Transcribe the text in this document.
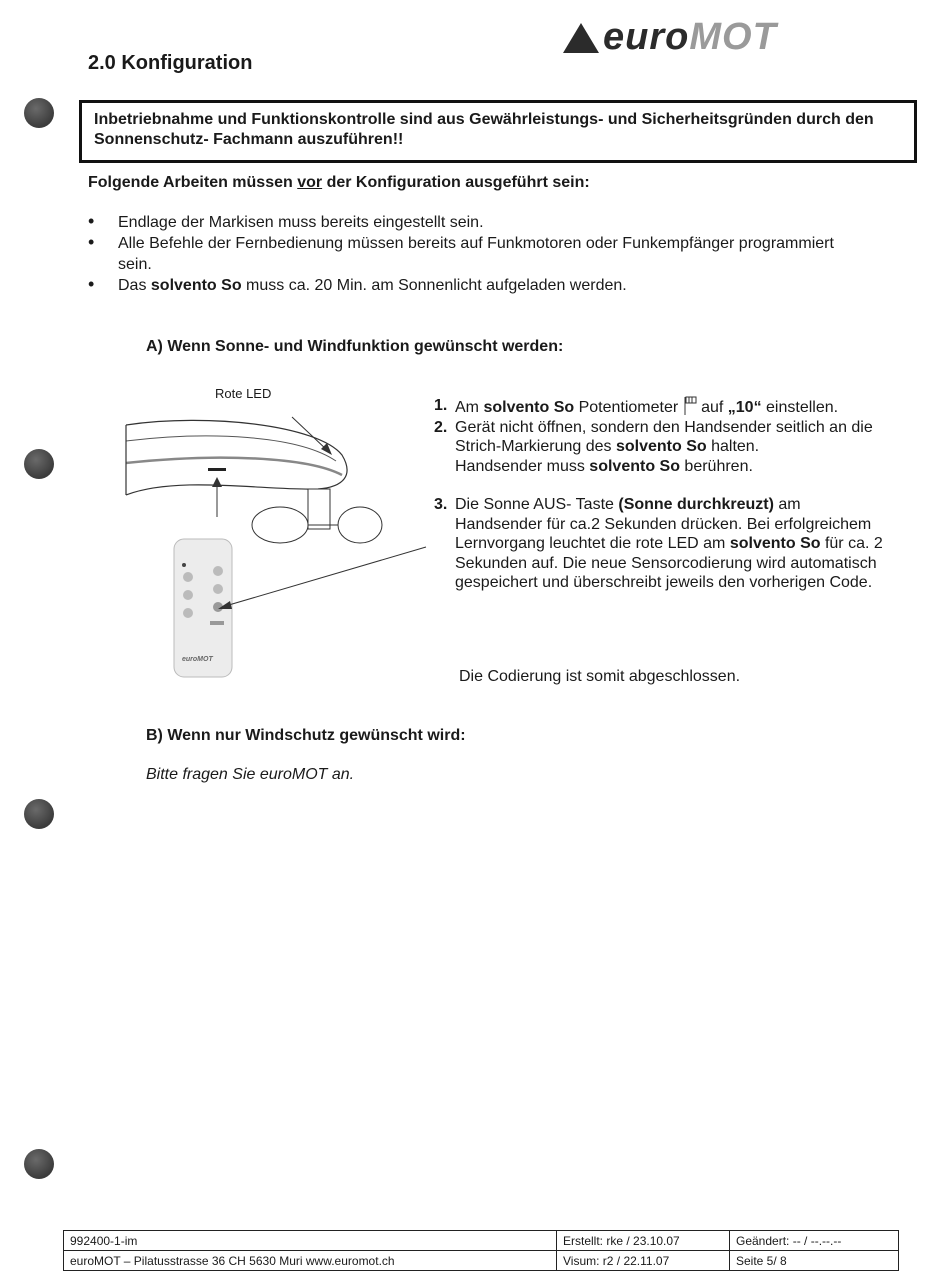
euroMOT
2.0 Konfiguration
Inbetriebnahme und Funktionskontrolle sind aus Gewährleistungs- und Sicherheitsgründen durch den Sonnenschutz- Fachmann auszuführen!!
Folgende Arbeiten müssen vor der Konfiguration ausgeführt sein:
• Endlage der Markisen muss bereits eingestellt sein.
• Alle Befehle der Fernbedienung müssen bereits auf Funkmotoren oder Funkempfänger programmiert sein.
• Das solvento So muss ca. 20 Min. am Sonnenlicht aufgeladen werden.
A) Wenn Sonne- und Windfunktion gewünscht werden:
Rote LED
euroMOT
1. Am solvento So Potentiometer  auf „10“ einstellen.
2. Gerät nicht öffnen, sondern den Handsender seitlich an die Strich-Markierung des solvento So halten.
Handsender muss solvento So berühren.
3. Die Sonne AUS- Taste (Sonne durchkreuzt) am Handsender für ca.2 Sekunden drücken. Bei erfolgreichem Lernvorgang leuchtet die rote LED am solvento So für ca. 2 Sekunden auf. Die neue Sensorcodierung wird automatisch gespeichert und überschreibt jeweils den vorherigen Code.
Die Codierung ist somit abgeschlossen.
B) Wenn nur Windschutz gewünscht wird:
Bitte fragen Sie euroMOT an.
992400-1-im	Erstellt: rke / 23.10.07	Geändert: -- / --.--.--
euroMOT – Pilatusstrasse 36 CH 5630 Muri www.euromot.ch	Visum: r2 / 22.11.07	Seite 5/ 8
